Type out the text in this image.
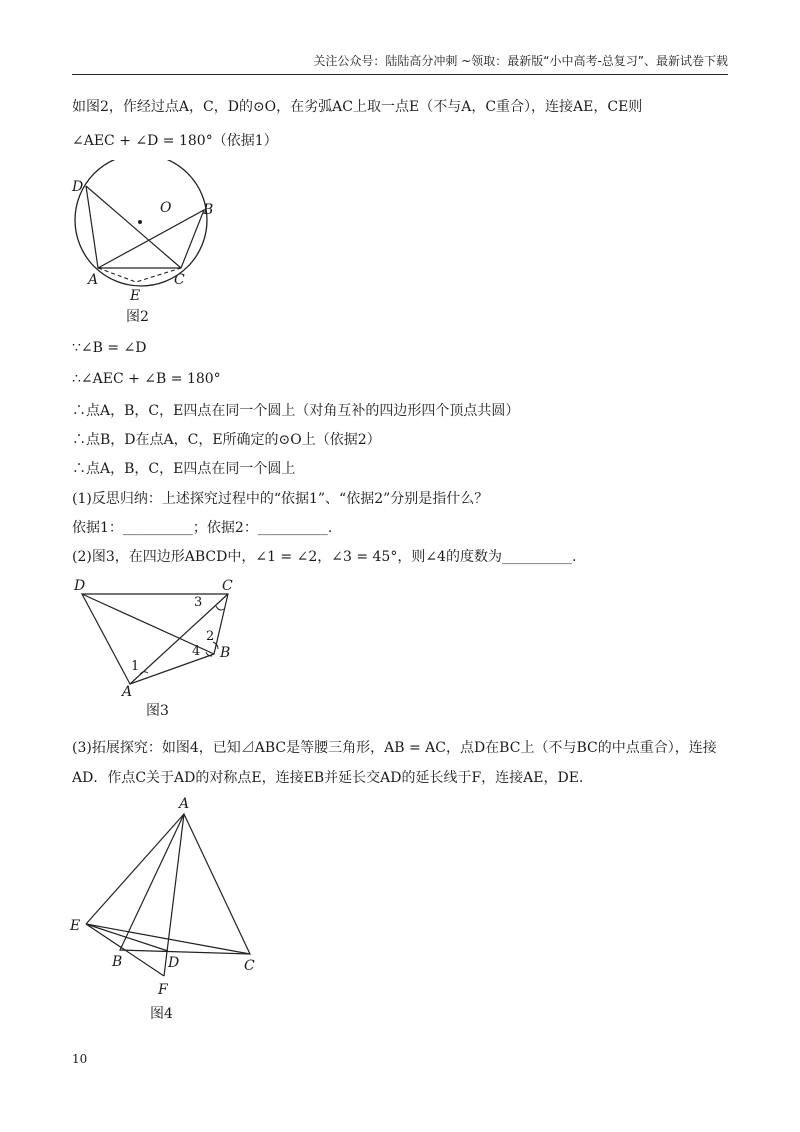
关注公众号：陆陆高分冲刺 ~领取：最新版“小中高考-总复习”、最新试卷下载
如图2，作经过点A，C，D的⊙O，在劣弧AC上取一点E（不与A，C重合），连接AE，CE则
∠AEC + ∠D = 180°（依据1）
D
O B
A	C
E
图2
∵∠B = ∠D
∴∠AEC + ∠B = 180°
∴点A，B，C，E四点在同一个圆上（对角互补的四边形四个顶点共圆）
∴点B，D在点A，C，E所确定的⊙O上（依据2）
∴点A，B，C，E四点在同一个圆上
(1)反思归纳：上述探究过程中的“依据1”、“依据2”分别是指什么？
依据1：__________；依据2：__________.
(2)图3，在四边形ABCD中，∠1 = ∠2，∠3 = 45°，则∠4的度数为__________.
D	C
A
B
1
2
3
4
图3
(3)拓展探究：如图4，已知⊿ABC是等腰三角形，AB = AC，点D在BC上（不与BC的中点重合），连接
AD．作点C关于AD的对称点E，连接EB并延长交AD的延长线于F，连接AE，DE.
A
E
B	D	C
F
图4
10
